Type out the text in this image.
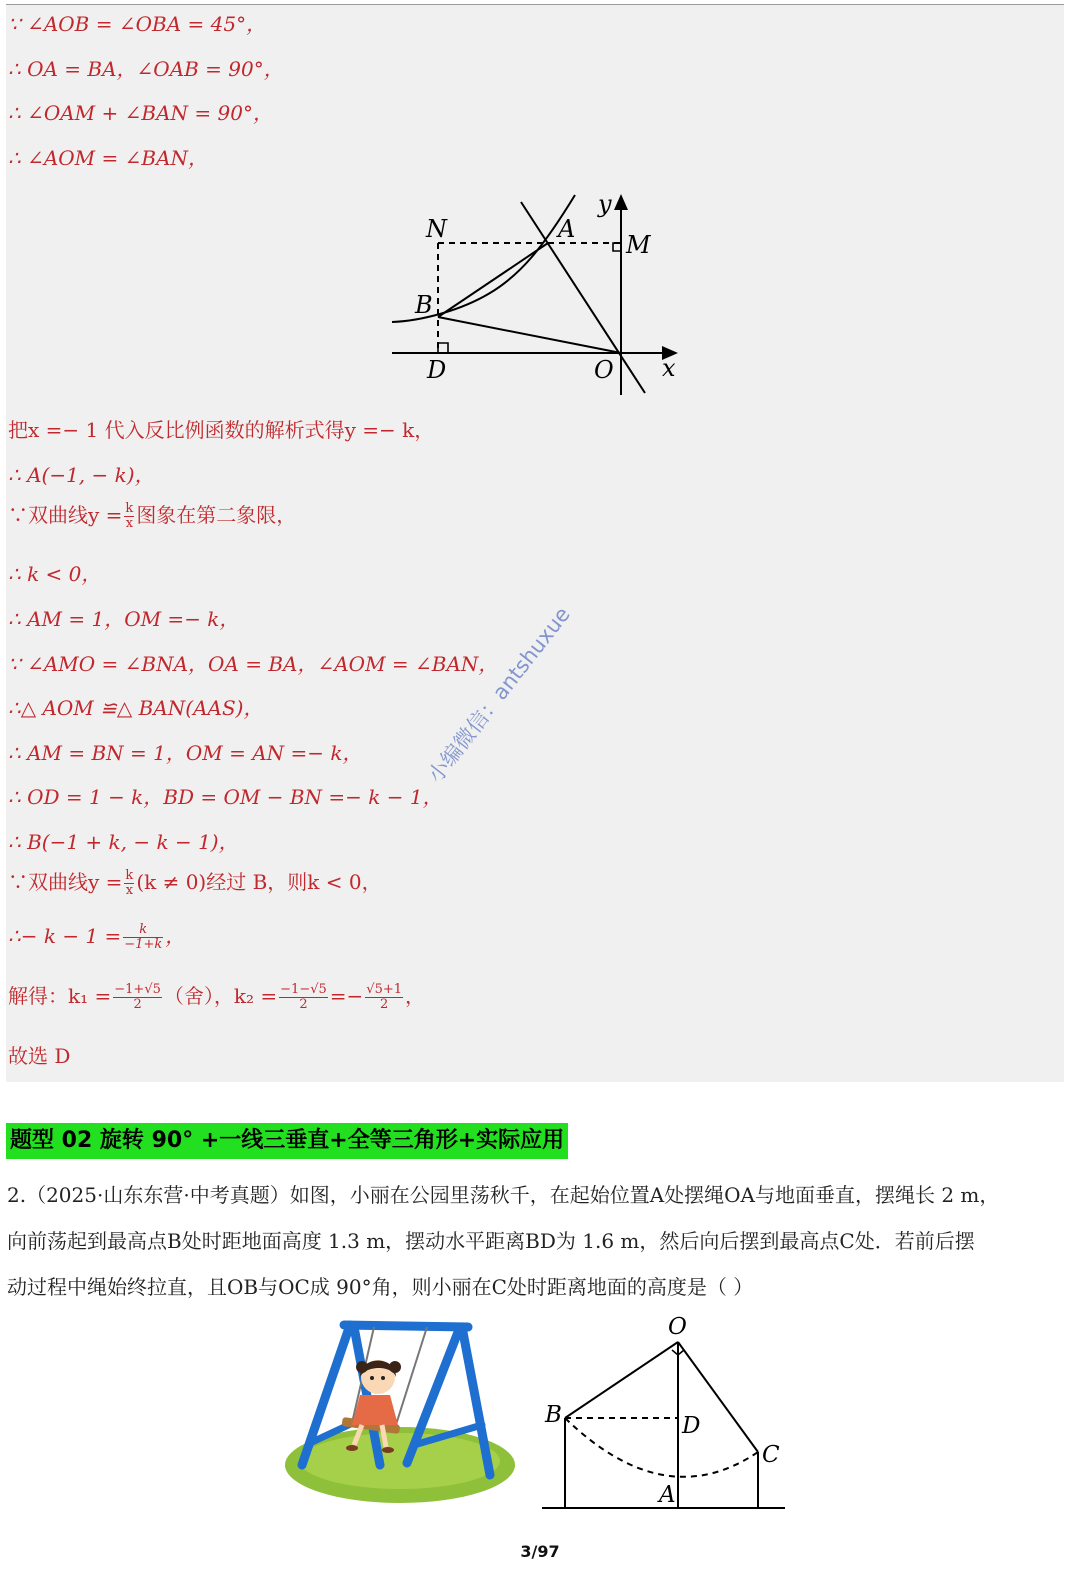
∵ ∠AOB = ∠OBA = 45°，
∴ OA = BA，∠OAB = 90°，
∴ ∠OAM + ∠BAN = 90°，
∴ ∠AOM = ∠BAN，
y
x
N	A
M
B
D	O
把x =− 1 代入反比例函数的解析式得y =− k，
∴ A(−1, − k)，
∵双曲线$y = \frac{k}{x}$ 图象在第二象限，
∴ k < 0，
∴ AM = 1，OM =− k，
∵ ∠AMO = ∠BNA，OA = BA，∠AOM = ∠BAN，
∴△ AOM ≌△ BAN(AAS)，
∴ AM = BN = 1，OM = AN =− k，
∴ OD = 1 − k，BD = OM − BN =− k − 1，
∴ B(−1 + k, − k − 1)，
∵双曲线$y = \frac{k}{x} (k \ne 0)$经过 B，则k < 0，
∴− $k - 1 = \frac{k}{-1+k}$ ，
解得：$k_1 = \frac{-1+√5}{2}$ （舍），$k_2 = \frac{-1-√5}{2} =- \frac{√5+1}{2}$ ，
故选 D
小编微信：antshuxue
题型 02 旋转 90° +一线三垂直+全等三角形+实际应用
2.（2025·山东东营·中考真题）如图，小丽在公园里荡秋千，在起始位置A处摆绳OA与地面垂直，摆绳长 2 m，
向前荡起到最高点B处时距地面高度 1.3 m，摆动水平距离BD为 1.6 m，然后向后摆到最高点C处．若前后摆
动过程中绳始终拉直，且OB与OC成 90°角，则小丽在C处时距离地面的高度是（ ）
O
B	D
C
A
3/97
